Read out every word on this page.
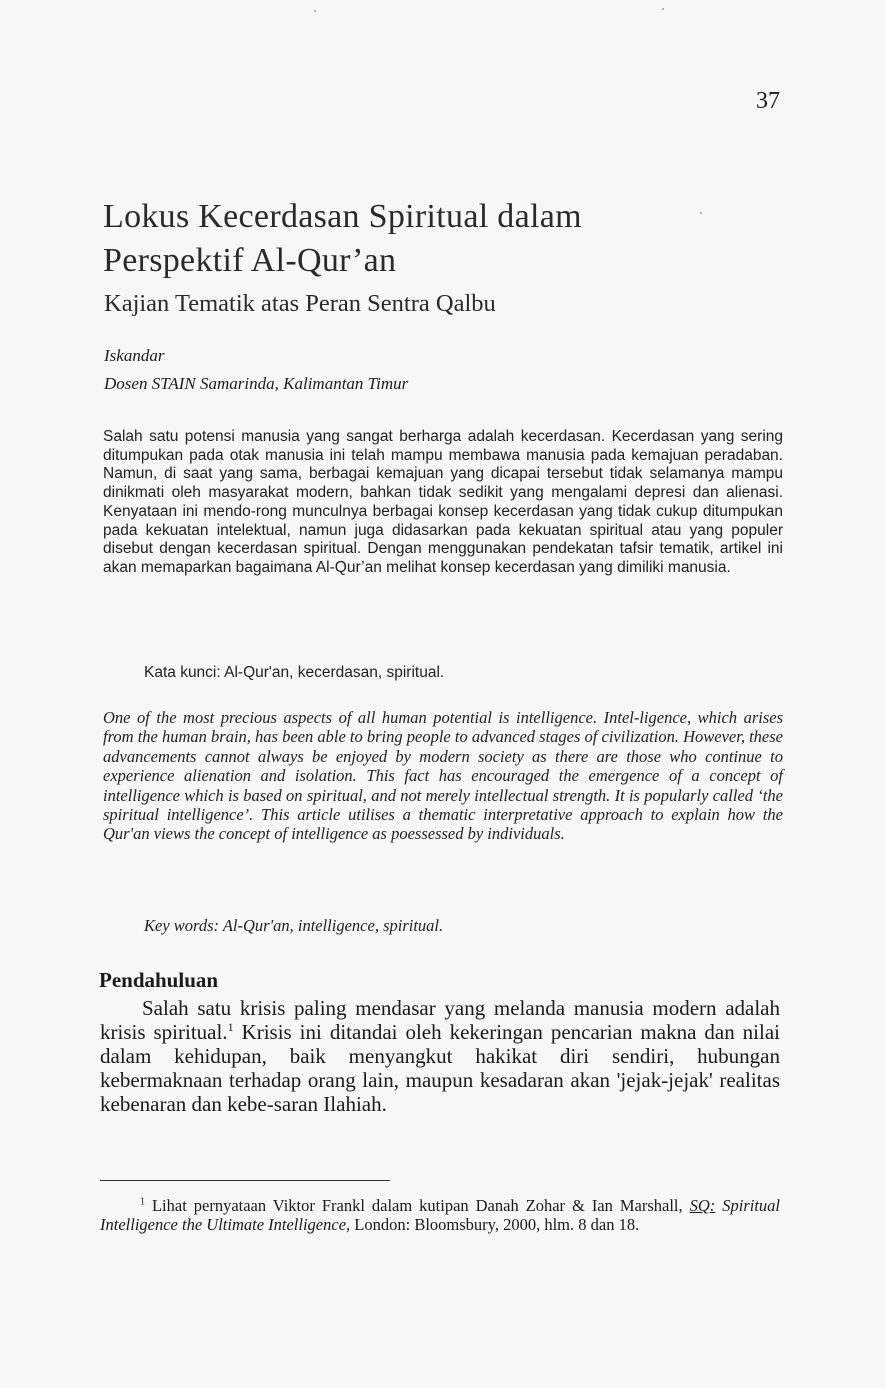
37
Lokus Kecerdasan Spiritual dalam
Perspektif Al-Qur’an
Kajian Tematik atas Peran Sentra Qalbu
Iskandar
Dosen STAIN Samarinda, Kalimantan Timur

Salah satu potensi manusia yang sangat berharga adalah kecerdasan. Kecerdasan yang sering ditumpukan pada otak manusia ini telah mampu membawa manusia pada kemajuan peradaban. Namun, di saat yang sama, berbagai kemajuan yang dicapai tersebut tidak selamanya mampu dinikmati oleh masyarakat modern, bahkan tidak sedikit yang mengalami depresi dan alienasi. Kenyataan ini mendo-rong munculnya berbagai konsep kecerdasan yang tidak cukup ditumpukan pada kekuatan intelektual, namun juga didasarkan pada kekuatan spiritual atau yang populer disebut dengan kecerdasan spiritual. Dengan menggunakan pendekatan tafsir tematik, artikel ini akan memaparkan bagaimana Al-Qur’an melihat konsep kecerdasan yang dimiliki manusia.

Kata kunci: Al-Qur'an, kecerdasan, spiritual.

One of the most precious aspects of all human potential is intelligence. Intel-ligence, which arises from the human brain, has been able to bring people to advanced stages of civilization. However, these advancements cannot always be enjoyed by modern society as there are those who continue to experience alienation and isolation. This fact has encouraged the emergence of a concept of intelligence which is based on spiritual, and not merely intellectual strength. It is popularly called ‘the spiritual intelligence’. This article utilises a thematic interpretative approach to explain how the Qur'an views the concept of intelligence as poessessed by individuals.

Key words: Al-Qur'an, intelligence, spiritual.
Pendahuluan

Salah satu krisis paling mendasar yang melanda manusia modern adalah krisis spiritual.$^1$ Krisis ini ditandai oleh kekeringan pencarian makna dan nilai dalam kehidupan, baik menyangkut hakikat diri sendiri, hubungan kebermaknaan terhadap orang lain, maupun kesadaran akan 'jejak-jejak' realitas kebenaran dan kebe-saran Ilahiah.

$^1$ Lihat pernyataan Viktor Frankl dalam kutipan Danah Zohar & Ian Marshall, SQ: Spiritual Intelligence the Ultimate Intelligence, London: Bloomsbury, 2000, hlm. 8 dan 18.
